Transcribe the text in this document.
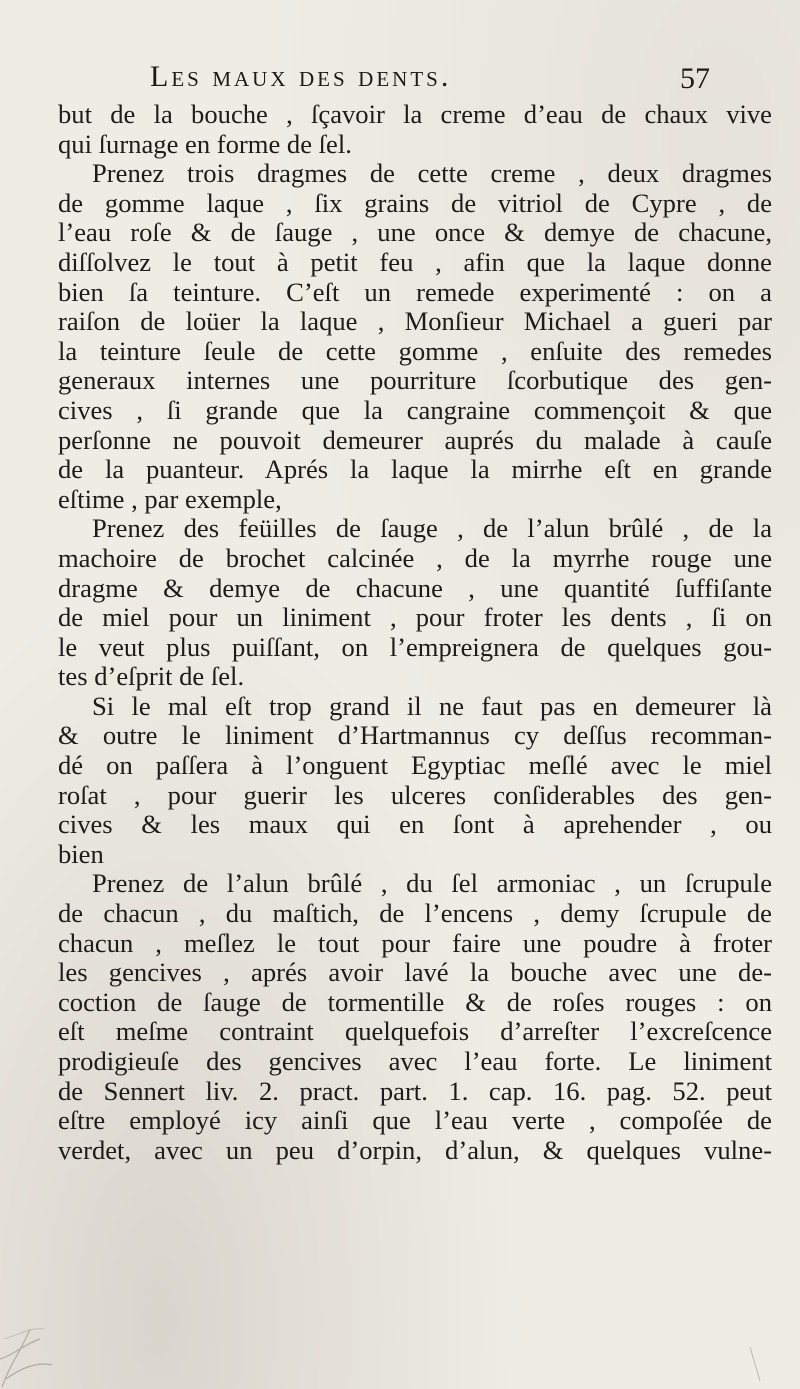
Les maux des dents.	57
but de la bouche , ſçavoir la creme d’eau de chaux vive
qui ſurnage en forme de ſel.
Prenez trois dragmes de cette creme , deux dragmes
de gomme laque , ſix grains de vitriol de Cypre , de
l’eau roſe & de ſauge , une once & demye de chacune,
diſſolvez le tout à petit feu , afin que la laque donne
bien ſa teinture. C’eſt un remede experimenté : on a
raiſon de loüer la laque , Monſieur Michael a gueri par
la teinture ſeule de cette gomme , enſuite des remedes
generaux internes une pourriture ſcorbutique des gen-
cives , ſi grande que la cangraine commençoit & que
perſonne ne pouvoit demeurer auprés du malade à cauſe
de la puanteur. Aprés la laque la mirrhe eſt en grande
eſtime , par exemple,
Prenez des feüilles de ſauge , de l’alun brûlé , de la
machoire de brochet calcinée , de la myrrhe rouge une
dragme & demye de chacune , une quantité ſuffiſante
de miel pour un liniment , pour froter les dents , ſi on
le veut plus puiſſant, on l’empreignera de quelques gou-
tes d’eſprit de ſel.
Si le mal eſt trop grand il ne faut pas en demeurer là
& outre le liniment d’Hartmannus cy deſſus recomman-
dé on paſſera à l’onguent Egyptiac meſlé avec le miel
roſat , pour guerir les ulceres conſiderables des gen-
cives & les maux qui en ſont à aprehender , ou
bien
Prenez de l’alun brûlé , du ſel armoniac , un ſcrupule
de chacun , du maſtich, de l’encens , demy ſcrupule de
chacun , meſlez le tout pour faire une poudre à froter
les gencives , aprés avoir lavé la bouche avec une de-
coction de ſauge de tormentille & de roſes rouges : on
eſt meſme contraint quelquefois d’arreſter l’excreſcence
prodigieuſe des gencives avec l’eau forte. Le liniment
de Sennert liv. 2. pract. part. 1. cap. 16. pag. 52. peut
eſtre employé icy ainſi que l’eau verte , compoſée de
verdet, avec un peu d’orpin, d’alun, & quelques vulne-
